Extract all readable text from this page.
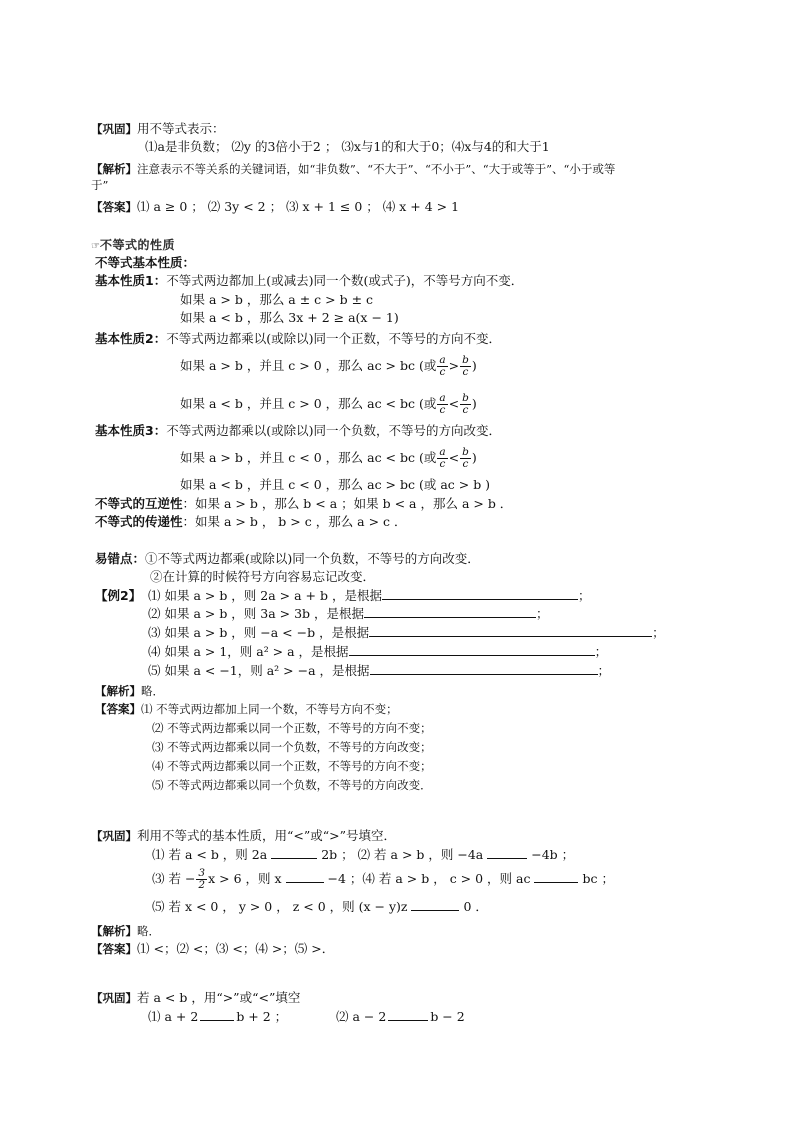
【巩固】用不等式表示：
⑴a是非负数； ⑵y 的3倍小于2 ； ⑶x与1的和大于0；⑷x与4的和大于1
【解析】注意表示不等关系的关键词语，如“非负数”、“不大于”、“不小于”、“大于或等于”、“小于或等
于”
【答案】⑴ a ≥ 0 ； ⑵ 3y < 2 ； ⑶ x + 1 ≤ 0 ； ⑷ x + 4 > 1
☞不等式的性质
不等式基本性质：
基本性质1：不等式两边都加上(或减去)同一个数(或式子)，不等号方向不变．
如果 a > b ，那么 a ± c > b ± c
如果 a < b ，那么 3x + 2 ≥ a(x − 1)
基本性质2：不等式两边都乘以(或除以)同一个正数，不等号的方向不变．
如果 a > b ，并且 c > 0 ，那么 ac > bc (或 $\frac{a}{c} > \frac{b}{c}$ )
如果 a < b ，并且 c > 0 ，那么 ac < bc (或 $\frac{a}{c} < \frac{b}{c}$ )
基本性质3：不等式两边都乘以(或除以)同一个负数，不等号的方向改变．
如果 a > b ，并且 c < 0 ，那么 ac < bc (或 $\frac{a}{c} < \frac{b}{c}$ )
如果 a < b ，并且 c < 0 ，那么 ac > bc (或 ac > b )
不等式的互逆性：如果 a > b ，那么 b < a ；如果 b < a ，那么 a > b ．
不等式的传递性：如果 a > b ， b > c ，那么 a > c ．
易错点：①不等式两边都乘(或除以)同一个负数，不等号的方向改变．
②在计算的时候符号方向容易忘记改变．
【例2】 ⑴ 如果 a > b ，则 2a > a + b ，是根据	；
⑵ 如果 a > b ，则 3a > 3b ，是根据	；
⑶ 如果 a > b ，则 −a < −b ，是根据	；
⑷ 如果 a > 1，则 a² > a ，是根据	；
⑸ 如果 a < −1，则 a² > −a ，是根据	；
【解析】略．
【答案】⑴ 不等式两边都加上同一个数，不等号方向不变；
⑵ 不等式两边都乘以同一个正数，不等号的方向不变；
⑶ 不等式两边都乘以同一个负数，不等号的方向改变；
⑷ 不等式两边都乘以同一个正数，不等号的方向不变；
⑸ 不等式两边都乘以同一个负数，不等号的方向改变．
【巩固】利用不等式的基本性质，用“<”或“>”号填空．
⑴ 若 a < b ，则 2a	2b ； ⑵ 若 a > b ，则 −4a	−4b ；
⑶ 若 − $\frac{3}{2}$ x > 6 ，则 x	−4 ；⑷ 若 a > b ， c > 0 ，则 ac	bc ；
⑸ 若 x < 0 ， y > 0 ， z < 0 ，则 (x − y)z	0 ．
【解析】略．
【答案】⑴ <；⑵ <；⑶ <；⑷ >；⑸ >．
【巩固】若 a < b ，用“>”或“<”填空
⑴ a + 2	b + 2 ；	⑵ a − 2	b − 2
